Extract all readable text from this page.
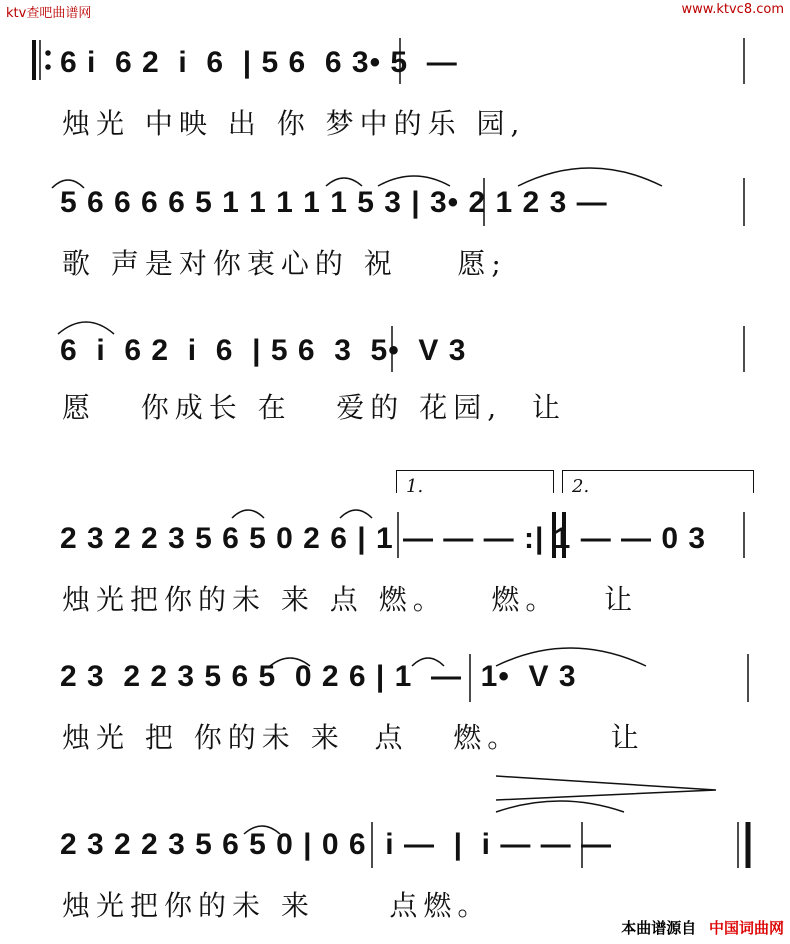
ktv查吧曲谱网	www.ktvc8.com
6 i  6 2  i  6  | 5 6  6 3• 5  —
烛光 中映 出 你 梦中的乐 园,
5 6 6 6 6 5 1 1 1 1 1 5 3 | 3• 2 1 2 3 —
歌 声是对你衷心的 祝    愿;
6  i  6 2  i  6  | 5 6  3  5•  V 3
愿   你成长 在   爱的 花园,  让
1.	2.
2 3 2 2 3 5 6 5 0 2 6 | 1 — — — :| 1 — — 0 3
烛光把你的未 来 点 燃。   燃。   让
2 3  2 2 3 5 6 5  0 2 6 | 1  —  1•  V 3
烛光 把 你的未 来  点   燃。      让
2 3 2 2 3 5 6 5 0 | 0 6  i —  |  i — — —
烛光把你的未 来     点燃。
本曲谱源自 中国词曲网
